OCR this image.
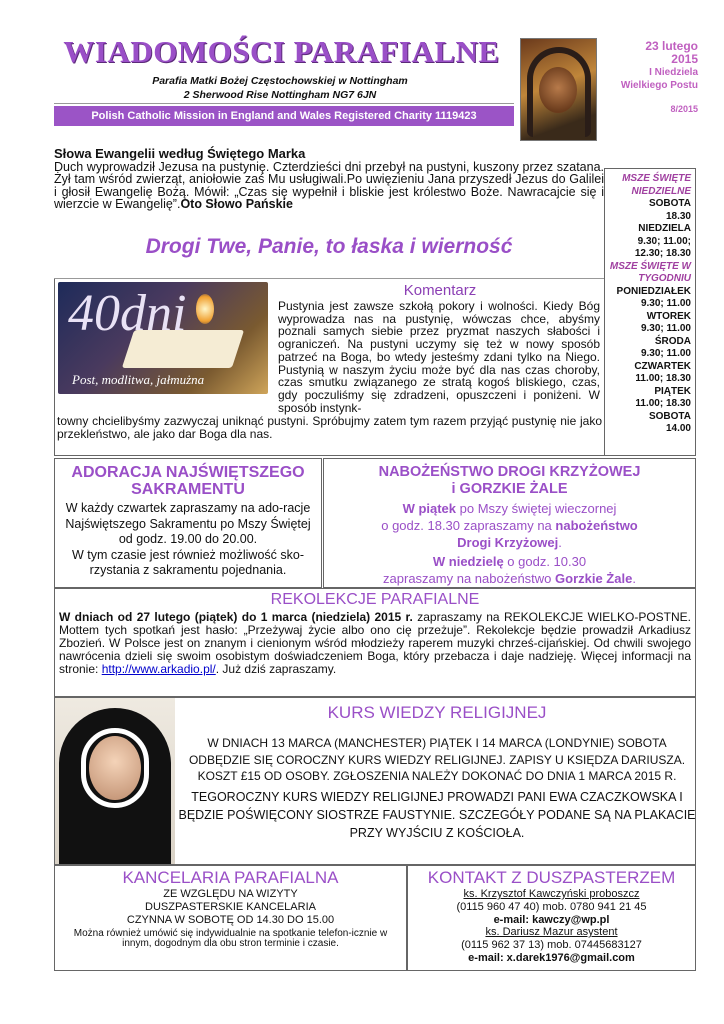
WIADOMOŚCI PARAFIALNE
Parafia Matki Bożej Częstochowskiej w Nottingham
2 Sherwood Rise Nottingham NG7 6JN
Polish Catholic Mission in England and Wales Registered Charity 1119423
23 lutego
2015
I Niedziela
Wielkiego Postu
8/2015
Słowa Ewangelii według Świętego Marka
Duch wyprowadził Jezusa na pustynię. Czterdzieści dni przebył na pustyni, kuszony przez szatana. Żył tam wśród zwierząt, aniołowie zaś Mu usługiwali.Po uwięzieniu Jana przyszedł Jezus do Galilei i głosił Ewangelię Bożą. Mówił: „Czas się wypełnił i bliskie jest królestwo Boże. Nawracajcie się i wierzcie w Ewangelię”.Oto Słowo Pańskie
Drogi Twe, Panie, to łaska i wierność
MSZE ŚWIĘTE NIEDZIELNE
SOBOTA
18.30
NIEDZIELA
9.30; 11.00;
12.30; 18.30
MSZE ŚWIĘTE W TYGODNIU
PONIEDZIAŁEK
9.30; 11.00
WTOREK
9.30; 11.00
ŚRODA
9.30; 11.00
CZWARTEK
11.00; 18.30
PIĄTEK
11.00; 18.30
SOBOTA
14.00
40dni
Post, modlitwa, jałmużna
Komentarz
Pustynia jest zawsze szkołą pokory i wolności. Kiedy Bóg wyprowadza nas na pustynię, wówczas chce, abyśmy poznali samych siebie przez pryzmat naszych słabości i ograniczeń. Na pustyni uczymy się też w nowy sposób patrzeć na Boga, bo wtedy jesteśmy zdani tylko na Niego. Pustynią w naszym życiu może być dla nas czas choroby, czas smutku związanego ze stratą kogoś bliskiego, czas, gdy poczuliśmy się zdradzeni, opuszczeni i poniżeni. W sposób instynk-
towny chcielibyśmy zazwyczaj uniknąć pustyni. Spróbujmy zatem tym razem przyjąć pustynię nie jako przekleństwo, ale jako dar Boga dla nas.
ADORACJA NAJŚWIĘTSZEGO SAKRAMENTU
W każdy czwartek zapraszamy na ado-racje Najświętszego Sakramentu po Mszy Świętej od godz. 19.00 do 20.00.
W tym czasie jest również możliwość sko-rzystania z sakramentu pojednania.
NABOŻEŃSTWO DROGI KRZYŻOWEJ
i GORZKIE ŻALE
W piątek po Mszy świętej wieczornej
o godz. 18.30 zapraszamy na nabożeństwo
Drogi Krzyżowej.
W niedzielę o godz. 10.30
zapraszamy na nabożeństwo Gorzkie Żale.
REKOLEKCJE PARAFIALNE
W dniach od 27 lutego (piątek) do 1 marca (niedziela) 2015 r. zapraszamy na REKOLEKCJE WIELKO-POSTNE. Mottem tych spotkań jest hasło: „Przeżywaj życie albo ono cię przeżuje”. Rekolekcje będzie prowadził Arkadiusz Zbozień. W Polsce jest on znanym i cienionym wśród młodzieży raperem muzyki chrześ-cijańskiej. Od chwili swojego nawrócenia dzieli się swoim osobistym doświadczeniem Boga, który przebacza i daje nadzieję. Więcej informacji na stronie: http://www.arkadio.pl/. Już dziś zapraszamy.
KURS WIEDZY RELIGIJNEJ
W DNIACH 13 MARCA (MANCHESTER) PIĄTEK I 14 MARCA (LONDYNIE) SOBOTA ODBĘDZIE SIĘ COROCZNY KURS WIEDZY RELIGIJNEJ. ZAPISY U KSIĘDZA DARIUSZA. KOSZT £15 OD OSOBY. ZGŁOSZENIA NALEŻY DOKONAĆ DO DNIA 1 MARCA 2015 R.
TEGOROCZNY KURS WIEDZY RELIGIJNEJ PROWADZI PANI EWA CZACZKOWSKA I BĘDZIE POŚWIĘCONY SIOSTRZE FAUSTYNIE. SZCZEGÓŁY PODANE SĄ NA PLAKACIE PRZY WYJŚCIU Z KOŚCIOŁA.
KANCELARIA PARAFIALNA
ZE WZGLĘDU NA WIZYTY
DUSZPASTERSKIE KANCELARIA
CZYNNA W SOBOTĘ OD 14.30 DO 15.00
Można również umówić się indywidualnie na spotkanie telefon-icznie w innym, dogodnym dla obu stron terminie i czasie.
KONTAKT Z DUSZPASTERZEM
ks. Krzysztof Kawczyński proboszcz
(0115 960 47 40) mob. 0780 941 21 45
e-mail: kawczy@wp.pl
ks. Dariusz Mazur asystent
(0115 962 37 13) mob. 07445683127
e-mail: x.darek1976@gmail.com
